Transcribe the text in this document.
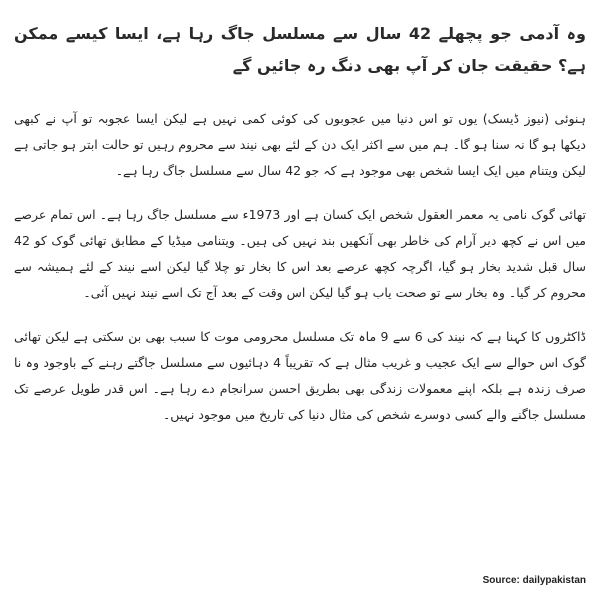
وہ آدمی جو پچھلے 42 سال سے مسلسل جاگ رہا ہے، ایسا کیسے ممکن ہے؟ حقیقت جان کر آپ بھی دنگ رہ جائیں گے

ہنوئی (نیوز ڈیسک) یوں تو اس دنیا میں عجوبوں کی کوئی کمی نہیں ہے لیکن ایسا عجوبہ تو آپ نے کبھی دیکھا ہو گا نہ سنا ہو گا۔ ہم میں سے اکثر ایک دن کے لئے بھی نیند سے محروم رہیں تو حالت ابتر ہو جاتی ہے لیکن ویتنام میں ایک ایسا شخص بھی موجود ہے کہ جو 42 سال سے مسلسل جاگ رہا ہے۔

تھائی گوک نامی یہ معمر العقول شخص ایک کسان ہے اور 1973ء سے مسلسل جاگ رہا ہے۔ اس تمام عرصے میں اس نے کچھ دیر آرام کی خاطر بھی آنکھیں بند نہیں کی ہیں۔ ویتنامی میڈیا کے مطابق تھائی گوک کو 42 سال قبل شدید بخار ہو گیا، اگرچہ کچھ عرصے بعد اس کا بخار تو چلا گیا لیکن اسے نیند کے لئے ہمیشہ سے محروم کر گیا۔ وہ بخار سے تو صحت یاب ہو گیا لیکن اس وقت کے بعد آج تک اسے نیند نہیں آئی۔

ڈاکٹروں کا کہنا ہے کہ نیند کی 6 سے 9 ماہ تک مسلسل محرومی موت کا سبب بھی بن سکتی ہے لیکن تھائی گوک اس حوالے سے ایک عجیب و غریب مثال ہے کہ تقریباً 4 دہائیوں سے مسلسل جاگتے رہنے کے باوجود وہ نا صرف زندہ ہے بلکہ اپنے معمولات زندگی بھی بطریق احسن سرانجام دے رہا ہے۔ اس قدر طویل عرصے تک مسلسل جاگنے والے کسی دوسرے شخص کی مثال دنیا کی تاریخ میں موجود نہیں۔

Source: dailypakistan
